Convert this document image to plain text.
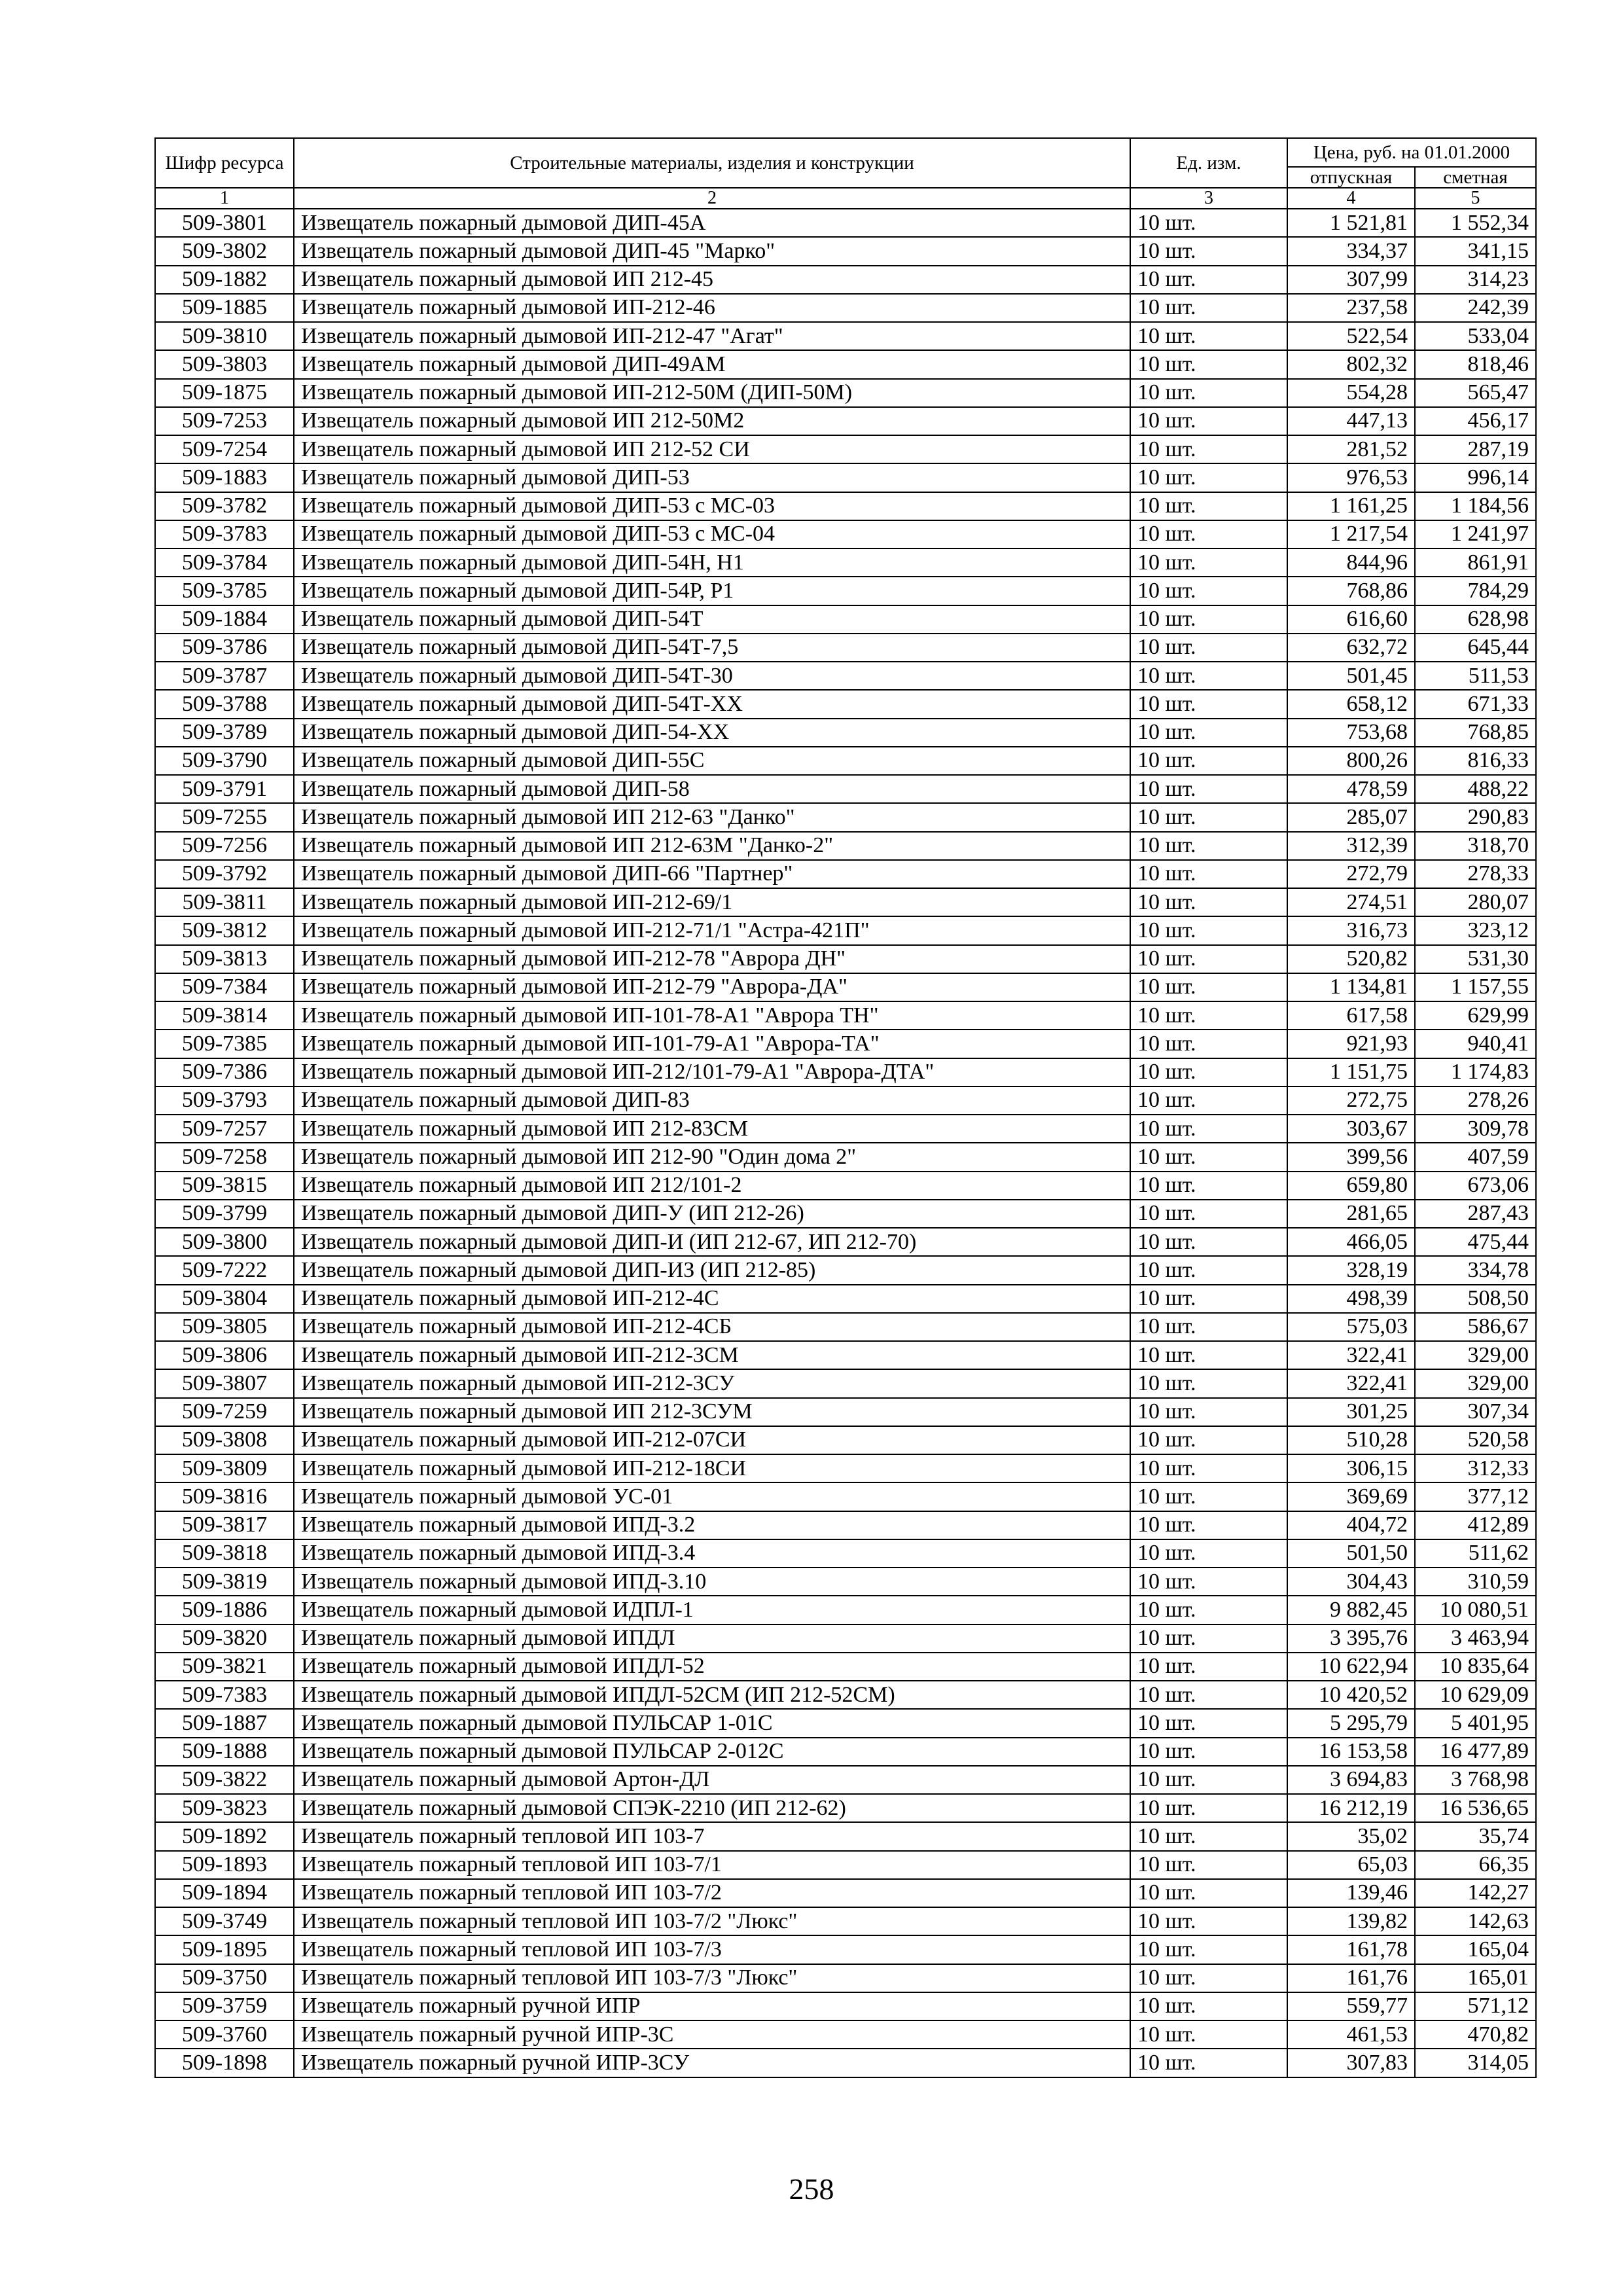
Шифр ресурса	Строительные материалы, изделия и конструкции	Ед. изм.	Цена, руб. на 01.01.2000	
			отпускная	сметная
1	2	3	4	5
509-3801	Извещатель пожарный дымовой ДИП-45А	10 шт.	1 521,81	1 552,34
509-3802	Извещатель пожарный дымовой ДИП-45 "Марко"	10 шт.	334,37	341,15
509-1882	Извещатель пожарный дымовой ИП 212-45	10 шт.	307,99	314,23
509-1885	Извещатель пожарный дымовой ИП-212-46	10 шт.	237,58	242,39
509-3810	Извещатель пожарный дымовой ИП-212-47 "Агат"	10 шт.	522,54	533,04
509-3803	Извещатель пожарный дымовой ДИП-49АМ	10 шт.	802,32	818,46
509-1875	Извещатель пожарный дымовой ИП-212-50М (ДИП-50М)	10 шт.	554,28	565,47
509-7253	Извещатель пожарный дымовой ИП 212-50М2	10 шт.	447,13	456,17
509-7254	Извещатель пожарный дымовой ИП 212-52 СИ	10 шт.	281,52	287,19
509-1883	Извещатель пожарный дымовой ДИП-53	10 шт.	976,53	996,14
509-3782	Извещатель пожарный дымовой ДИП-53 с МС-03	10 шт.	1 161,25	1 184,56
509-3783	Извещатель пожарный дымовой ДИП-53 с МС-04	10 шт.	1 217,54	1 241,97
509-3784	Извещатель пожарный дымовой ДИП-54Н, Н1	10 шт.	844,96	861,91
509-3785	Извещатель пожарный дымовой ДИП-54Р, Р1	10 шт.	768,86	784,29
509-1884	Извещатель пожарный дымовой ДИП-54Т	10 шт.	616,60	628,98
509-3786	Извещатель пожарный дымовой ДИП-54Т-7,5	10 шт.	632,72	645,44
509-3787	Извещатель пожарный дымовой ДИП-54Т-30	10 шт.	501,45	511,53
509-3788	Извещатель пожарный дымовой ДИП-54Т-ХХ	10 шт.	658,12	671,33
509-3789	Извещатель пожарный дымовой ДИП-54-ХХ	10 шт.	753,68	768,85
509-3790	Извещатель пожарный дымовой ДИП-55С	10 шт.	800,26	816,33
509-3791	Извещатель пожарный дымовой ДИП-58	10 шт.	478,59	488,22
509-7255	Извещатель пожарный дымовой ИП 212-63 "Данко"	10 шт.	285,07	290,83
509-7256	Извещатель пожарный дымовой ИП 212-63М "Данко-2"	10 шт.	312,39	318,70
509-3792	Извещатель пожарный дымовой ДИП-66 "Партнер"	10 шт.	272,79	278,33
509-3811	Извещатель пожарный дымовой ИП-212-69/1	10 шт.	274,51	280,07
509-3812	Извещатель пожарный дымовой ИП-212-71/1 "Астра-421П"	10 шт.	316,73	323,12
509-3813	Извещатель пожарный дымовой ИП-212-78 "Аврора ДН"	10 шт.	520,82	531,30
509-7384	Извещатель пожарный дымовой ИП-212-79 "Аврора-ДА"	10 шт.	1 134,81	1 157,55
509-3814	Извещатель пожарный дымовой ИП-101-78-А1 "Аврора ТН"	10 шт.	617,58	629,99
509-7385	Извещатель пожарный дымовой ИП-101-79-А1 "Аврора-ТА"	10 шт.	921,93	940,41
509-7386	Извещатель пожарный дымовой ИП-212/101-79-А1 "Аврора-ДТА"	10 шт.	1 151,75	1 174,83
509-3793	Извещатель пожарный дымовой ДИП-83	10 шт.	272,75	278,26
509-7257	Извещатель пожарный дымовой ИП 212-83СМ	10 шт.	303,67	309,78
509-7258	Извещатель пожарный дымовой ИП 212-90 "Один дома 2"	10 шт.	399,56	407,59
509-3815	Извещатель пожарный дымовой ИП 212/101-2	10 шт.	659,80	673,06
509-3799	Извещатель пожарный дымовой ДИП-У (ИП 212-26)	10 шт.	281,65	287,43
509-3800	Извещатель пожарный дымовой ДИП-И (ИП 212-67, ИП 212-70)	10 шт.	466,05	475,44
509-7222	Извещатель пожарный дымовой ДИП-ИЗ (ИП 212-85)	10 шт.	328,19	334,78
509-3804	Извещатель пожарный дымовой ИП-212-4С	10 шт.	498,39	508,50
509-3805	Извещатель пожарный дымовой ИП-212-4СБ	10 шт.	575,03	586,67
509-3806	Извещатель пожарный дымовой ИП-212-3СМ	10 шт.	322,41	329,00
509-3807	Извещатель пожарный дымовой ИП-212-3СУ	10 шт.	322,41	329,00
509-7259	Извещатель пожарный дымовой ИП 212-3СУМ	10 шт.	301,25	307,34
509-3808	Извещатель пожарный дымовой ИП-212-07СИ	10 шт.	510,28	520,58
509-3809	Извещатель пожарный дымовой ИП-212-18СИ	10 шт.	306,15	312,33
509-3816	Извещатель пожарный дымовой УС-01	10 шт.	369,69	377,12
509-3817	Извещатель пожарный дымовой ИПД-3.2	10 шт.	404,72	412,89
509-3818	Извещатель пожарный дымовой ИПД-3.4	10 шт.	501,50	511,62
509-3819	Извещатель пожарный дымовой ИПД-3.10	10 шт.	304,43	310,59
509-1886	Извещатель пожарный дымовой ИДПЛ-1	10 шт.	9 882,45	10 080,51
509-3820	Извещатель пожарный дымовой ИПДЛ	10 шт.	3 395,76	3 463,94
509-3821	Извещатель пожарный дымовой ИПДЛ-52	10 шт.	10 622,94	10 835,64
509-7383	Извещатель пожарный дымовой ИПДЛ-52СМ (ИП 212-52СМ)	10 шт.	10 420,52	10 629,09
509-1887	Извещатель пожарный дымовой ПУЛЬСАР 1-01С	10 шт.	5 295,79	5 401,95
509-1888	Извещатель пожарный дымовой ПУЛЬСАР 2-012С	10 шт.	16 153,58	16 477,89
509-3822	Извещатель пожарный дымовой Артон-ДЛ	10 шт.	3 694,83	3 768,98
509-3823	Извещатель пожарный дымовой СПЭК-2210 (ИП 212-62)	10 шт.	16 212,19	16 536,65
509-1892	Извещатель пожарный тепловой ИП 103-7	10 шт.	35,02	35,74
509-1893	Извещатель пожарный тепловой ИП 103-7/1	10 шт.	65,03	66,35
509-1894	Извещатель пожарный тепловой ИП 103-7/2	10 шт.	139,46	142,27
509-3749	Извещатель пожарный тепловой ИП 103-7/2 "Люкс"	10 шт.	139,82	142,63
509-1895	Извещатель пожарный тепловой ИП 103-7/3	10 шт.	161,78	165,04
509-3750	Извещатель пожарный тепловой ИП 103-7/3 "Люкс"	10 шт.	161,76	165,01
509-3759	Извещатель пожарный ручной ИПР	10 шт.	559,77	571,12
509-3760	Извещатель пожарный ручной ИПР-3С	10 шт.	461,53	470,82
509-1898	Извещатель пожарный ручной ИПР-3СУ	10 шт.	307,83	314,05
258
